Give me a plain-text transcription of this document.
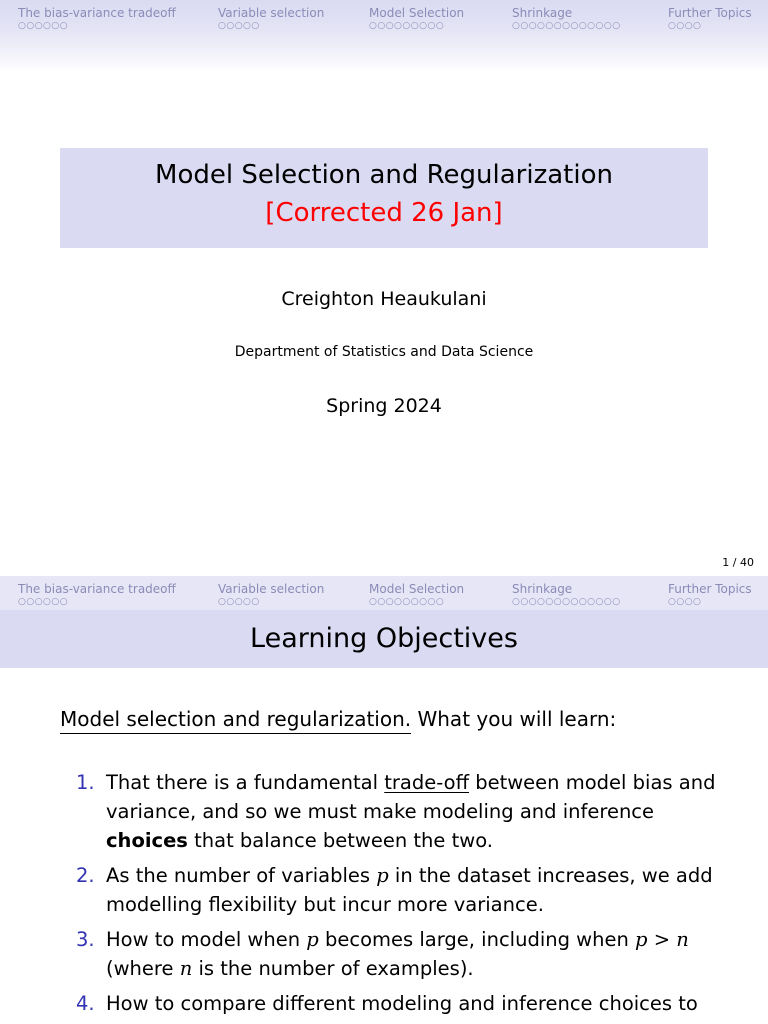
The bias-variance tradeoff
○○○○○○
Variable selection
○○○○○
Model Selection
○○○○○○○○○
Shrinkage
○○○○○○○○○○○○○
Further Topics
○○○○
Model Selection and Regularization
[Corrected 26 Jan]
Creighton Heaukulani
Department of Statistics and Data Science
Spring 2024
1 / 40
The bias-variance tradeoff
○○○○○○
Variable selection
○○○○○
Model Selection
○○○○○○○○○
Shrinkage
○○○○○○○○○○○○○
Further Topics
○○○○
Learning Objectives
Model selection and regularization. What you will learn:
1. That there is a fundamental trade-off between model bias and variance, and so we must make modeling and inference choices that balance between the two.
2. As the number of variables p in the dataset increases, we add modelling flexibility but incur more variance.
3. How to model when p becomes large, including when p > n (where n is the number of examples).
4. How to compare different modeling and inference choices to
